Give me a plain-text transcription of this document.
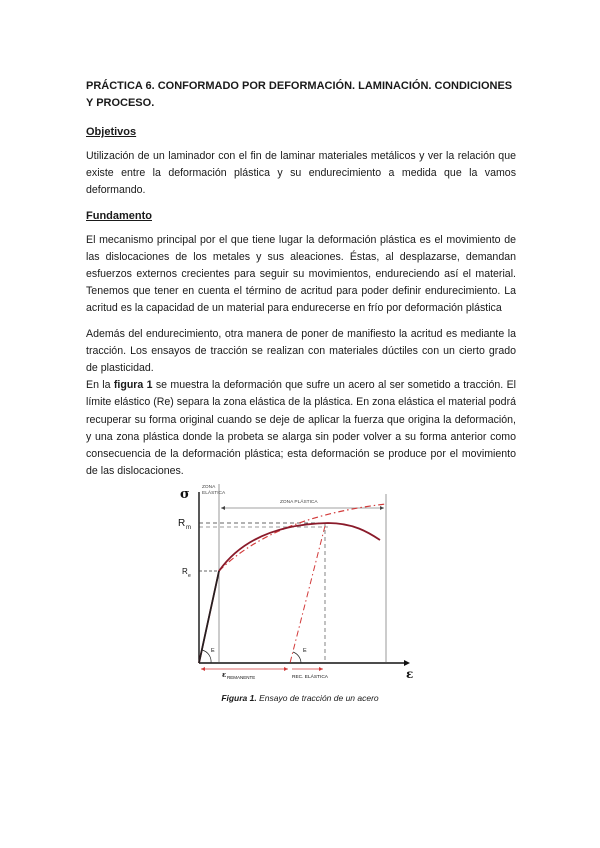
PRÁCTICA 6. CONFORMADO POR DEFORMACIÓN. LAMINACIÓN. CONDICIONES Y PROCESO.
Objetivos

Utilización de un laminador con el fin de laminar materiales metálicos y ver la relación que existe entre la deformación plástica y su endurecimiento a medida que la vamos deformando.

Fundamento

El mecanismo principal por el que tiene lugar la deformación plástica es el movimiento de las dislocaciones de los metales y sus aleaciones. Éstas, al desplazarse, demandan esfuerzos externos crecientes para seguir su movimientos, endureciendo así el material. Tenemos que tener en cuenta el término de acritud para poder definir endurecimiento. La acritud es la capacidad de un material para endurecerse en frío por deformación plástica

Además del endurecimiento, otra manera de poner de manifiesto la acritud es mediante la tracción. Los ensayos de tracción se realizan con materiales dúctiles con un cierto grado de plasticidad.

En la figura 1 se muestra la deformación que sufre un acero al ser sometido a tracción. El límite elástico (Re) separa la zona elástica de la plástica. En zona elástica el material podrá recuperar su forma original cuando se deje de aplicar la fuerza que origina la deformación, y una zona plástica donde la probeta se alarga sin poder volver a su forma anterior como consecuencia de la deformación plástica; esta deformación se produce por el movimiento de las dislocaciones.

σ
ε
ZONA
ELÁSTICA
ZONA PLÁSTICA
R m
R e
E	E
ε REMANENTE	REC. ELÁSTICA
Figura 1. Ensayo de tracción de un acero
